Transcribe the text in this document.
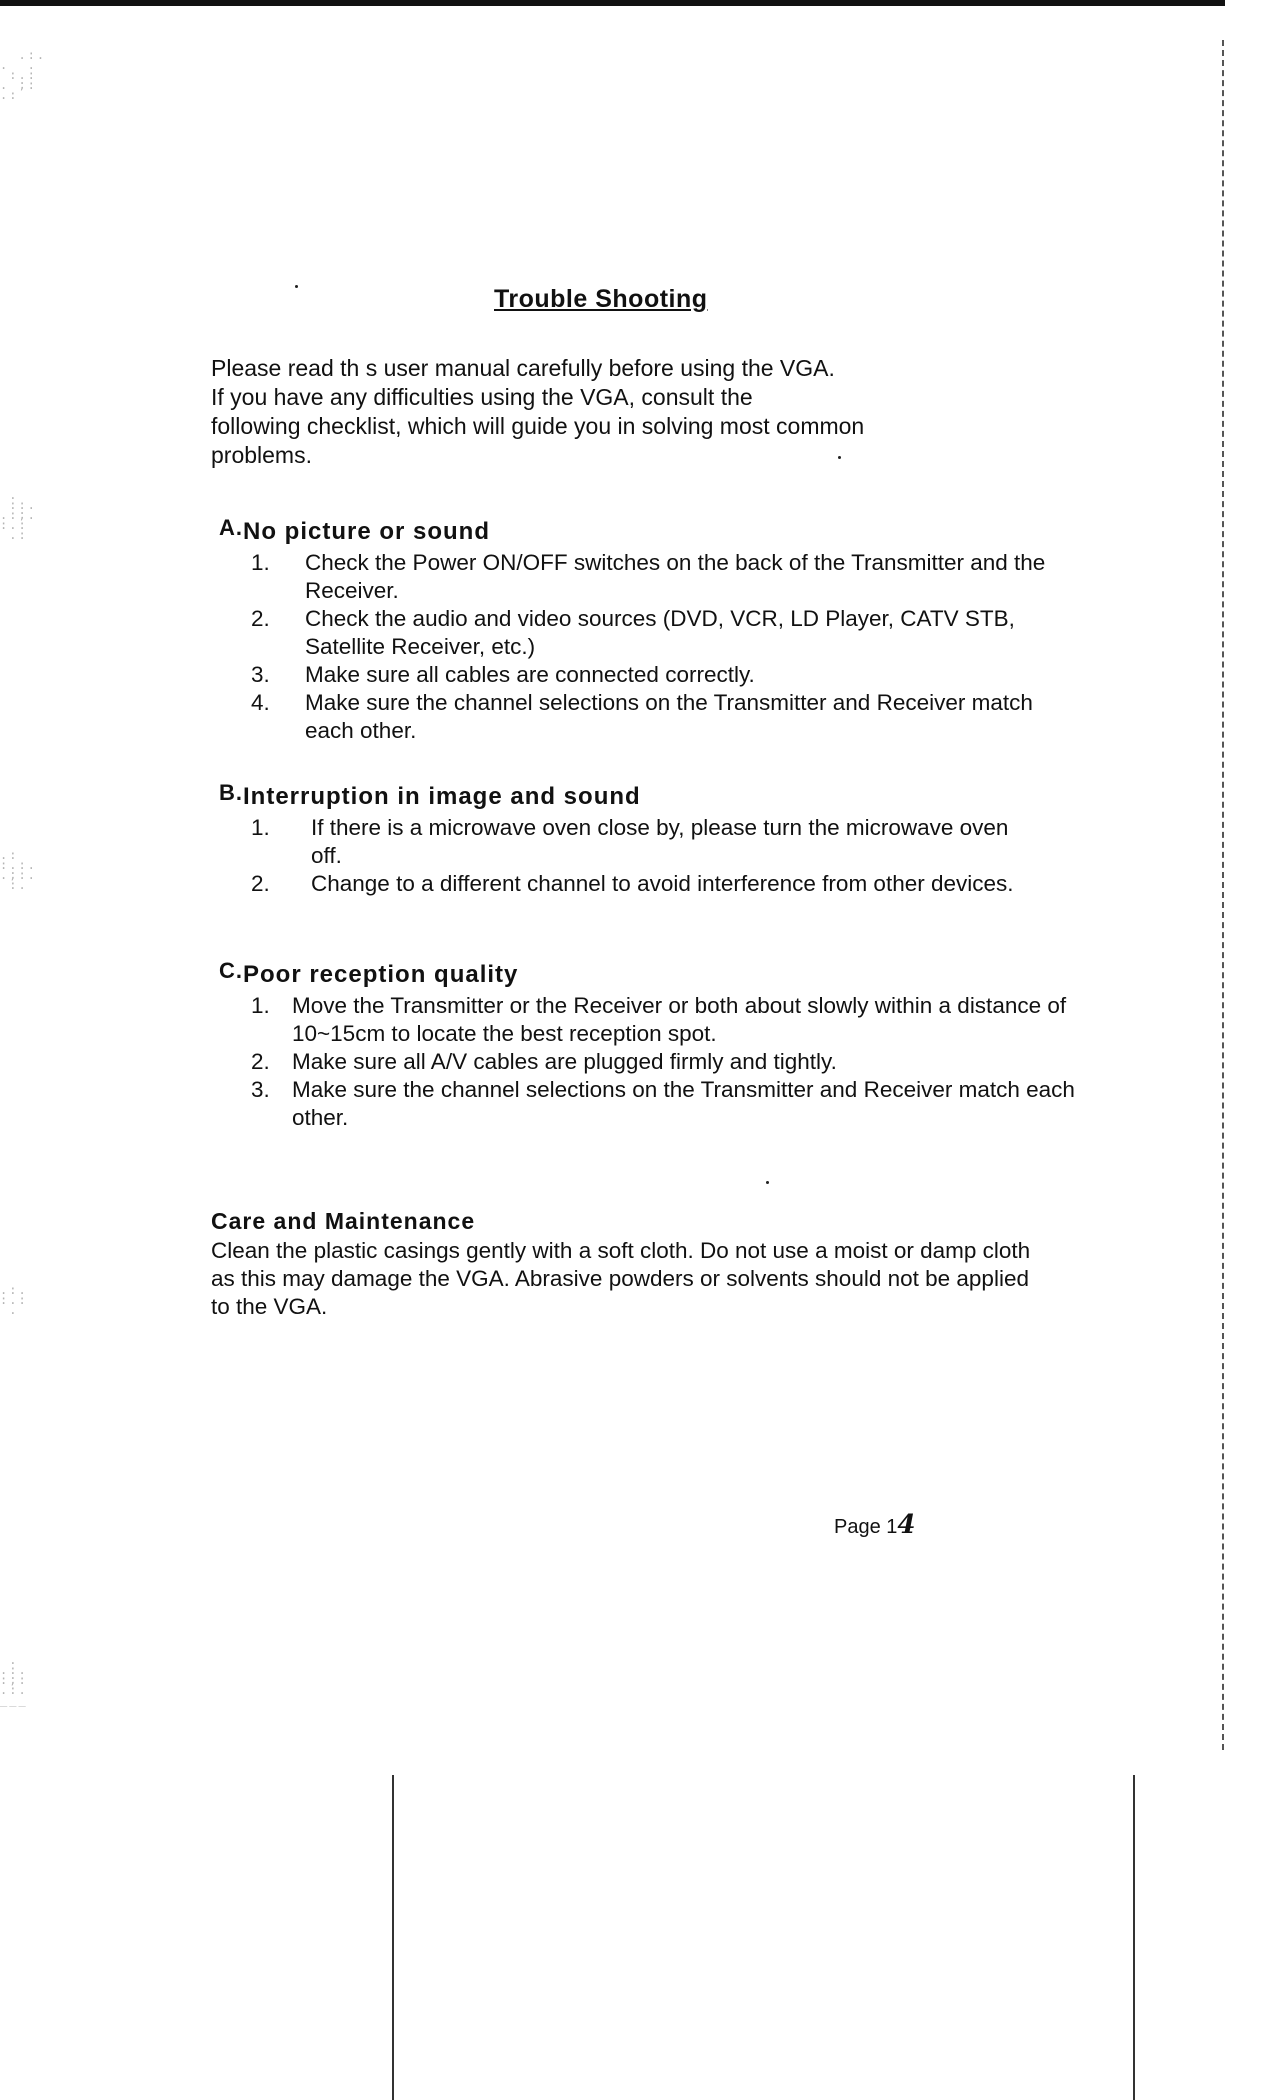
.:.
.  .
:.:
. ;:
.:
.
::.
.:;.
:.:
.:
.:
:.:.
.;:.
:.
.:.
:.:
.
.
.:.
:;:
.:.
___
Trouble Shooting
Please read th s user manual carefully before using the VGA.
If you have any difficulties using the VGA, consult the
following checklist, which will guide you in solving most common
problems.
A.No picture or sound
1. Check the Power ON/OFF switches on the back of the Transmitter and the Receiver.
2. Check the audio and video sources (DVD, VCR, LD Player, CATV STB, Satellite Receiver, etc.)
3. Make sure all cables are connected correctly.
4. Make sure the channel selections on the Transmitter and Receiver match each other.
B.Interruption in image and sound
1. If there is a microwave oven close by, please turn the microwave oven off.
2. Change to a different channel to avoid interference from other devices.
C.Poor reception quality
1. Move the Transmitter or the Receiver or both about slowly within a distance of 10~15cm to locate the best reception spot.
2. Make sure all A/V cables are plugged firmly and tightly.
3. Make sure the channel selections on the Transmitter and Receiver match each other.
Care and Maintenance
Clean the plastic casings gently with a soft cloth. Do not use a moist or damp cloth as this may damage the VGA. Abrasive powders or solvents should not be applied to the VGA.
Page 14
